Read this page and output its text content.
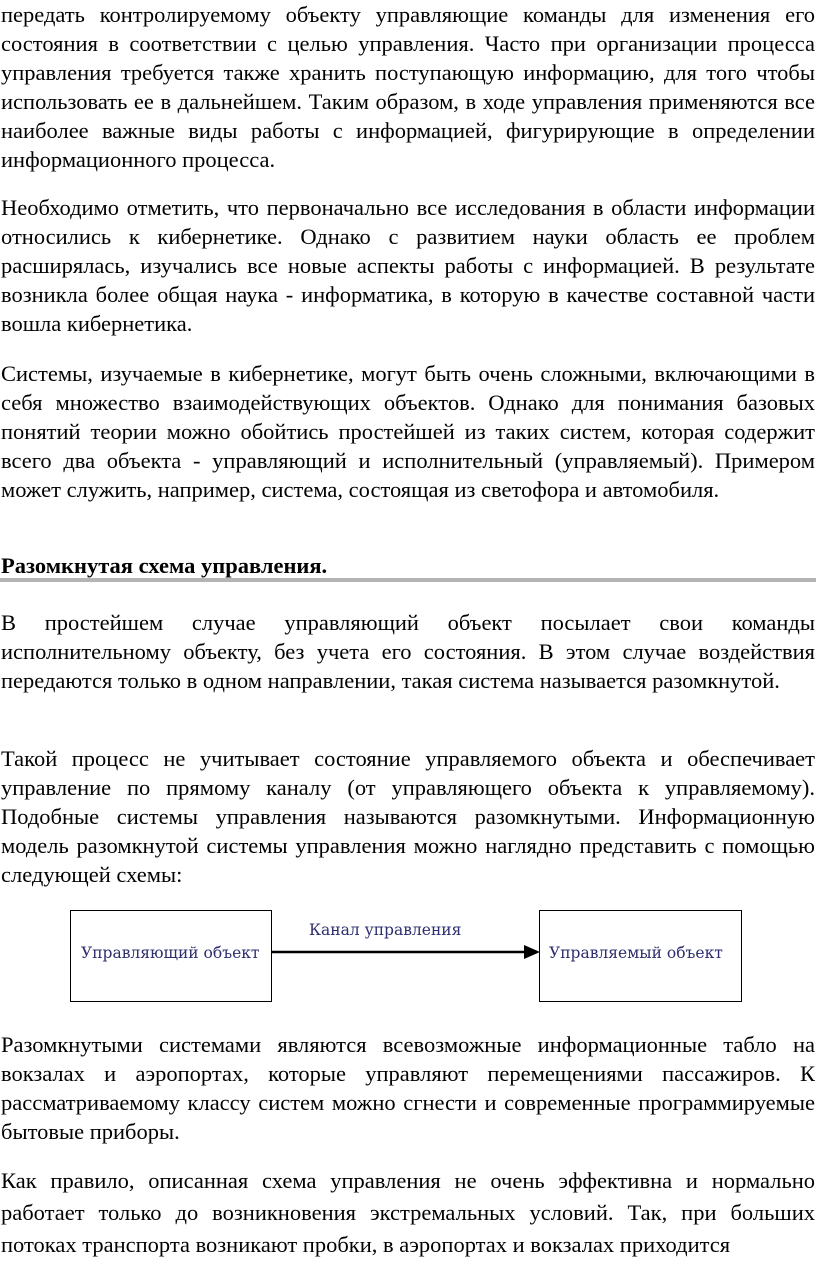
передать контролируемому объекту управляющие команды для изменения его состояния в соответствии с целью управления. Часто при организации процесса управления требуется также хранить поступающую информацию, для того чтобы использовать ее в дальнейшем. Таким образом, в ходе управления применяются все наиболее важные виды работы с информацией, фигурирующие в определении информационного процесса.

Необходимо отметить, что первоначально все исследования в области информации относились к кибернетике. Однако с развитием науки область ее проблем расширялась, изучались все новые аспекты работы с информацией. В результате возникла более общая наука - информатика, в которую в качестве составной части вошла кибернетика.

Системы, изучаемые в кибернетике, могут быть очень сложными, включающими в себя множество взаимодействующих объектов. Однако для понимания базовых понятий теории можно обойтись простейшей из таких систем, которая содержит всего два объекта - управляющий и исполнительный (управляемый). Примером может служить, например, система, состоящая из светофора и автомобиля.

Разомкнутая схема управления.

В простейшем случае управляющий объект посылает свои команды исполнительному объекту, без учета его состояния. В этом случае воздействия передаются только в одном направлении, такая система называется разомкнутой.

Такой процесс не учитывает состояние управляемого объекта и обеспечивает управление по прямому каналу (от управляющего объекта к управляемому). Подобные системы управления называются разомкнутыми. Информационную модель разомкнутой системы управления можно наглядно представить с помощью следующей схемы:

Управляющий объект
Канал управления
Управляемый объект

Разомкнутыми системами являются всевозможные информационные табло на вокзалах и аэропортах, которые управляют перемещениями пассажиров. К рассматриваемому классу систем можно сгнести и современные программируемые бытовые приборы.

Как правило, описанная схема управления не очень эффективна и нормально работает только до возникновения экстремальных условий. Так, при больших потоках транспорта возникают пробки, в аэропортах и вокзалах приходится
